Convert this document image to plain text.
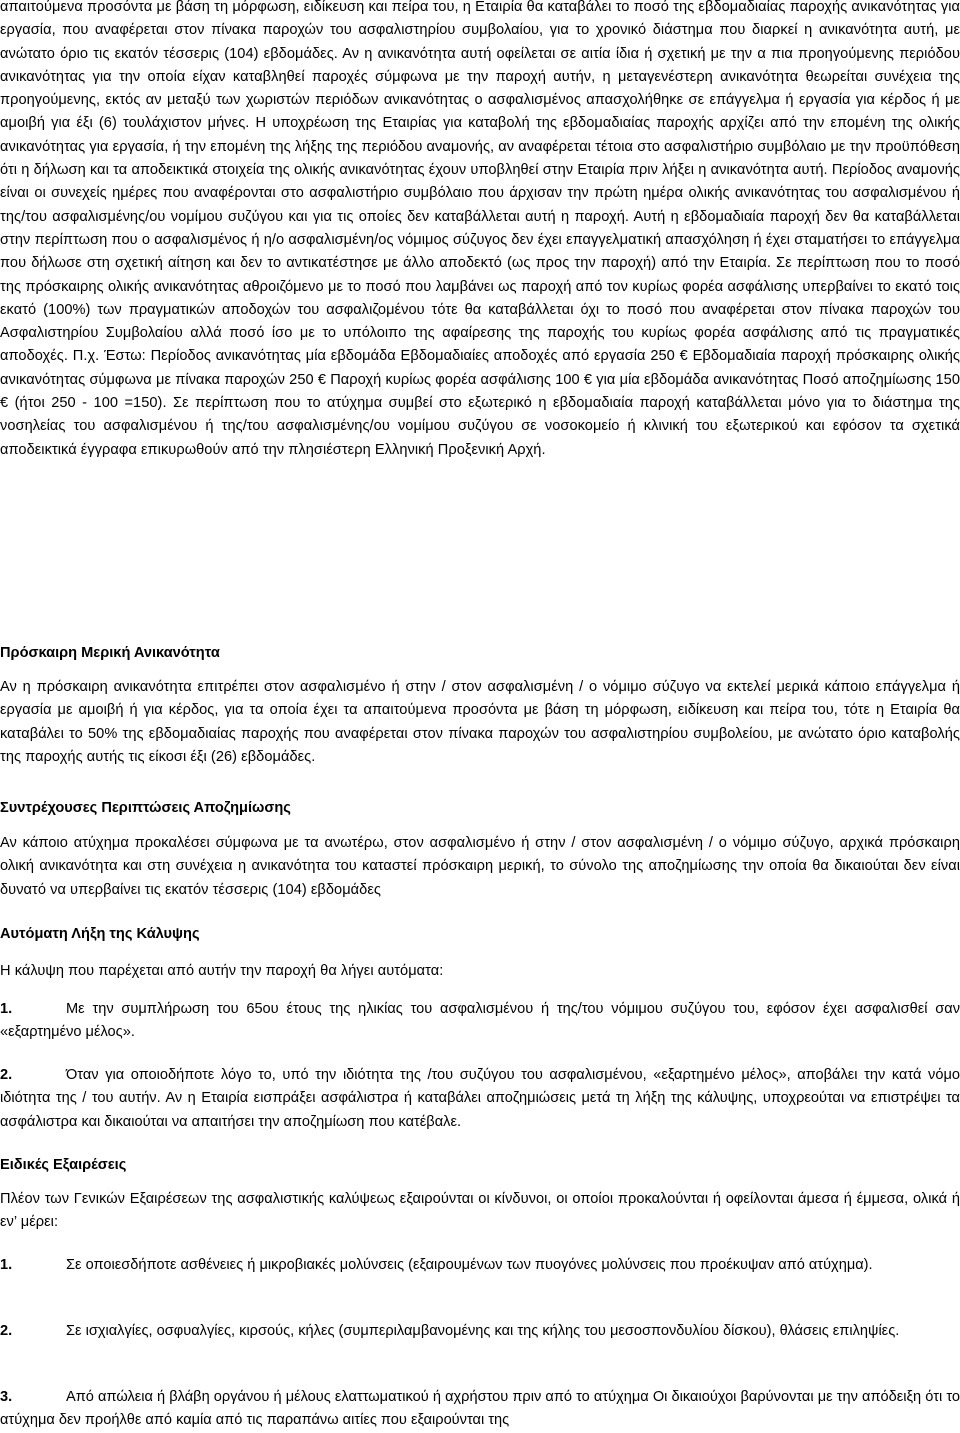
απαιτούμενα προσόντα με βάση τη μόρφωση, ειδίκευση και πείρα του, η Εταιρία θα καταβάλει το ποσό της εβδομαδιαίας παροχής ανικανότητας για εργασία, που αναφέρεται στον πίνακα παροχών του ασφαλιστηρίου συμβολαίου, για το χρονικό διάστημα που διαρκεί η ανικανότητα αυτή, με ανώτατο όριο τις εκατόν τέσσερις (104) εβδομάδες. Αν η ανικανότητα αυτή οφείλεται σε αιτία ίδια ή σχετική με την α πια προηγούμενης περιόδου ανικανότητας για την οποία είχαν καταβληθεί παροχές σύμφωνα με την παροχή αυτήν, η μεταγενέστερη ανικανότητα θεωρείται συνέχεια της προηγούμενης, εκτός αν μεταξύ των χωριστών περιόδων ανικανότητας ο ασφαλισμένος απασχολήθηκε σε επάγγελμα ή εργασία για κέρδος ή με αμοιβή για έξι (6) τουλάχιστον μήνες. Η υποχρέωση της Εταιρίας για καταβολή της εβδομαδιαίας παροχής αρχίζει από την επομένη της ολικής ανικανότητας για εργασία, ή την επομένη της λήξης της περιόδου αναμονής, αν αναφέρεται τέτοια στο ασφαλιστήριο συμβόλαιο με την προϋπόθεση ότι η δήλωση και τα αποδεικτικά στοιχεία της ολικής ανικανότητας έχουν υποβληθεί στην Εταιρία πριν λήξει η ανικανότητα αυτή. Περίοδος αναμονής είναι οι συνεχείς ημέρες που αναφέρονται στο ασφαλιστήριο συμβόλαιο που άρχισαν την πρώτη ημέρα ολικής ανικανότητας του ασφαλισμένου ή της/του ασφαλισμένης/ου νομίμου συζύγου και για τις οποίες δεν καταβάλλεται αυτή η παροχή. Αυτή η εβδομαδιαία παροχή δεν θα καταβάλλεται στην περίπτωση που ο ασφαλισμένος ή η/ο ασφαλισμένη/ος νόμιμος σύζυγος δεν έχει επαγγελματική απασχόληση ή έχει σταματήσει το επάγγελμα που δήλωσε στη σχετική αίτηση και δεν το αντικατέστησε με άλλο αποδεκτό (ως προς την παροχή) από την Εταιρία. Σε περίπτωση που το ποσό της πρόσκαιρης ολικής ανικανότητας αθροιζόμενο με το ποσό που λαμβάνει ως παροχή από τον κυρίως φορέα ασφάλισης υπερβαίνει το εκατό τοις εκατό (100%) των πραγματικών αποδοχών του ασφαλιζομένου τότε θα καταβάλλεται όχι το ποσό που αναφέρεται στον πίνακα παροχών του Ασφαλιστηρίου Συμβολαίου αλλά ποσό ίσο με το υπόλοιπο της αφαίρεσης της παροχής του κυρίως φορέα ασφάλισης από τις πραγματικές αποδοχές. Π.χ. Έστω: Περίοδος ανικανότητας μία εβδομάδα Εβδομαδιαίες αποδοχές από εργασία 250 € Εβδομαδιαία παροχή πρόσκαιρης ολικής ανικανότητας σύμφωνα με πίνακα παροχών 250 € Παροχή κυρίως φορέα ασφάλισης 100 € για μία εβδομάδα ανικανότητας Ποσό αποζημίωσης 150 € (ήτοι 250 - 100 =150). Σε περίπτωση που το ατύχημα συμβεί στο εξωτερικό η εβδομαδιαία παροχή καταβάλλεται μόνο για το διάστημα της νοσηλείας του ασφαλισμένου ή της/του ασφαλισμένης/ου νομίμου συζύγου σε νοσοκομείο ή κλινική του εξωτερικού και εφόσον τα σχετικά αποδεικτικά έγγραφα επικυρωθούν από την πλησιέστερη Ελληνική Προξενική Αρχή.

Πρόσκαιρη Μερική Ανικανότητα

Αν η πρόσκαιρη ανικανότητα επιτρέπει στον ασφαλισμένο ή στην / στον ασφαλισμένη / ο νόμιμο σύζυγο να εκτελεί μερικά κάποιο επάγγελμα ή εργασία με αμοιβή ή για κέρδος, για τα οποία έχει τα απαιτούμενα προσόντα με βάση τη μόρφωση, ειδίκευση και πείρα του, τότε η Εταιρία θα καταβάλει το 50% της εβδομαδιαίας παροχής που αναφέρεται στον πίνακα παροχών του ασφαλιστηρίου συμβολείου, με ανώτατο όριο καταβολής της παροχής αυτής τις είκοσι έξι (26) εβδομάδες.

Συντρέχουσες Περιπτώσεις Αποζημίωσης

Αν κάποιο ατύχημα προκαλέσει σύμφωνα με τα ανωτέρω, στον ασφαλισμένο ή στην / στον ασφαλισμένη / ο νόμιμο σύζυγο, αρχικά πρόσκαιρη ολική ανικανότητα και στη συνέχεια η ανικανότητα του καταστεί πρόσκαιρη μερική, το σύνολο της αποζημίωσης την οποία θα δικαιούται δεν είναι δυνατό να υπερβαίνει τις εκατόν τέσσερις (104) εβδομάδες

Αυτόματη Λήξη της Κάλυψης

Η κάλυψη που παρέχεται από αυτήν την παροχή θα λήγει αυτόματα:

1.	Με την συμπλήρωση του 65ου έτους της ηλικίας του ασφαλισμένου ή της/του νόμιμου συζύγου του, εφόσον έχει ασφαλισθεί σαν «εξαρτημένο μέλος».

2.	Όταν για οποιοδήποτε λόγο το, υπό την ιδιότητα της /του συζύγου του ασφαλισμένου, «εξαρτημένο μέλος», αποβάλει την κατά νόμο ιδιότητα της / του αυτήν. Αν η Εταιρία εισπράξει ασφάλιστρα ή καταβάλει αποζημιώσεις μετά τη λήξη της κάλυψης, υποχρεούται να επιστρέψει τα ασφάλιστρα και δικαιούται να απαιτήσει την αποζημίωση που κατέβαλε.

Ειδικές Εξαιρέσεις

Πλέον των Γενικών Εξαιρέσεων της ασφαλιστικής καλύψεως εξαιρούνται οι κίνδυνοι, οι οποίοι προκαλούνται ή οφείλονται άμεσα ή έμμεσα, ολικά ή εν’ μέρει:

1.	Σε οποιεσδήποτε ασθένειες ή μικροβιακές μολύνσεις (εξαιρουμένων των πυογόνες μολύνσεις που προέκυψαν από ατύχημα).

2.	Σε ισχιαλγίες, οσφυαλγίες, κιρσούς, κήλες (συμπεριλαμβανομένης και της κήλης του μεσοσπονδυλίου δίσκου), θλάσεις επιληψίες.

3.	Από απώλεια ή βλάβη οργάνου ή μέλους ελαττωματικού ή αχρήστου πριν από το ατύχημα Οι δικαιούχοι βαρύνονται με την απόδειξη ότι το ατύχημα δεν προήλθε από καμία από τις παραπάνω αιτίες που εξαιρούνται της
